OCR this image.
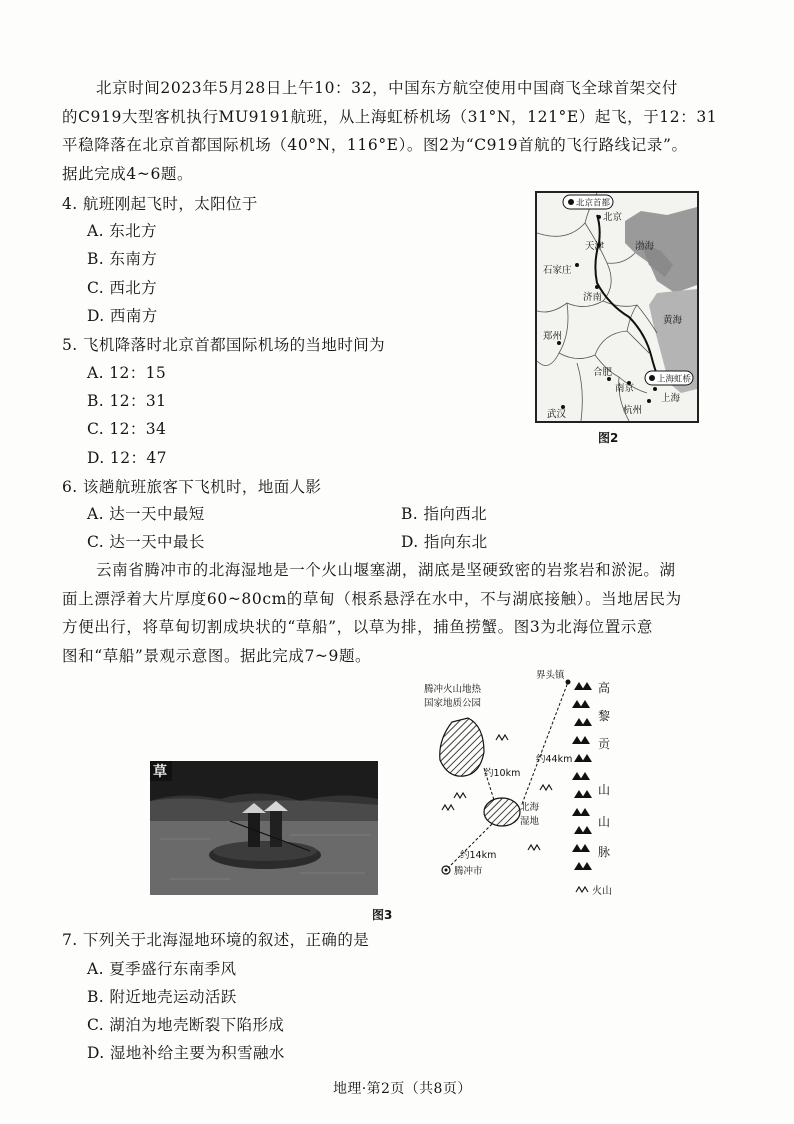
北京时间2023年5月28日上午10：32，中国东方航空使用中国商飞全球首架交付
的C919大型客机执行MU9191航班，从上海虹桥机场（31°N，121°E）起飞，于12：31
平稳降落在北京首都国际机场（40°N，116°E）。图2为“C919首航的飞行路线记录”。
据此完成4~6题。
4. 航班刚起飞时，太阳位于
A. 东北方
B. 东南方
C. 西北方
D. 西南方
5. 飞机降落时北京首都国际机场的当地时间为
A. 12：15
B. 12：31
C. 12：34
D. 12：47
北京首都
上海虹桥
北京
天津	渤海
石家庄
济南
黄海
郑州
合肥
南京
上海
武汉	杭州
图2
6. 该趟航班旅客下飞机时，地面人影
A. 达一天中最短	B. 指向西北
C. 达一天中最长	D. 指向东北
云南省腾冲市的北海湿地是一个火山堰塞湖，湖底是坚硬致密的岩浆岩和淤泥。湖
面上漂浮着大片厚度60~80cm的草甸（根系悬浮在水中，不与湖底接触）。当地居民为
方便出行，将草甸切割成块状的“草船”，以草为排，捕鱼捞蟹。图3为北海位置示意
图和“草船”景观示意图。据此完成7~9题。
草
腾冲火山地热
国家地质公园
界头镇
约44km
约10km
约14km
北海
湿地
腾冲市
高
黎
贡
山
山
脉
火山
图3
7. 下列关于北海湿地环境的叙述，正确的是
A. 夏季盛行东南季风
B. 附近地壳运动活跃
C. 湖泊为地壳断裂下陷形成
D. 湿地补给主要为积雪融水
地理·第2页（共8页）
